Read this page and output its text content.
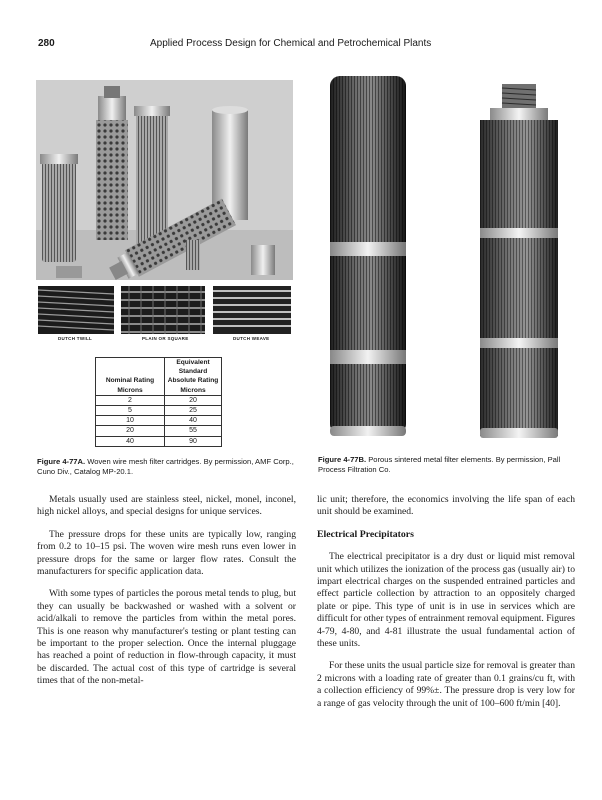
280	Applied Process Design for Chemical and Petrochemical Plants
DUTCH TWILL	PLAIN OR SQUARE	DUTCH WEAVE
Nominal Rating Microns	Equivalent Standard Absolute Rating Microns
2	20
5	25
10	40
20	55
40	90
Figure 4-77A. Woven wire mesh filter cartridges. By permission, AMF Corp., Cuno Div., Catalog MP-20.1.
Figure 4-77B. Porous sintered metal filter elements. By permission, Pall Process Filtration Co.

Metals usually used are stainless steel, nickel, monel, inconel, high nickel alloys, and special designs for unique services.

The pressure drops for these units are typically low, ranging from 0.2 to 10–15 psi. The woven wire mesh runs even lower in pressure drops for the same or larger flow rates. Consult the manufacturers for specific application data.

With some types of particles the porous metal tends to plug, but they can usually be backwashed or washed with a solvent or acid/alkali to remove the particles from within the metal pores. This is one reason why manufacturer's testing or plant testing can be important to the proper selection. Once the internal pluggage has reached a point of reduction in flow-through capacity, it must be discarded. The actual cost of this type of cartridge is several times that of the non-metal-

lic unit; therefore, the economics involving the life span of each unit should be examined.

Electrical Precipitators

The electrical precipitator is a dry dust or liquid mist removal unit which utilizes the ionization of the process gas (usually air) to impart electrical charges on the suspended entrained particles and effect particle collection by attraction to an oppositely charged plate or pipe. This type of unit is in use in services which are difficult for other types of entrainment removal equipment. Figures 4-79, 4-80, and 4-81 illustrate the usual fundamental action of these units.

For these units the usual particle size for removal is greater than 2 microns with a loading rate of greater than 0.1 grains/cu ft, with a collection efficiency of 99%±. The pressure drop is very low for a range of gas velocity through the unit of 100–600 ft/min [40].
